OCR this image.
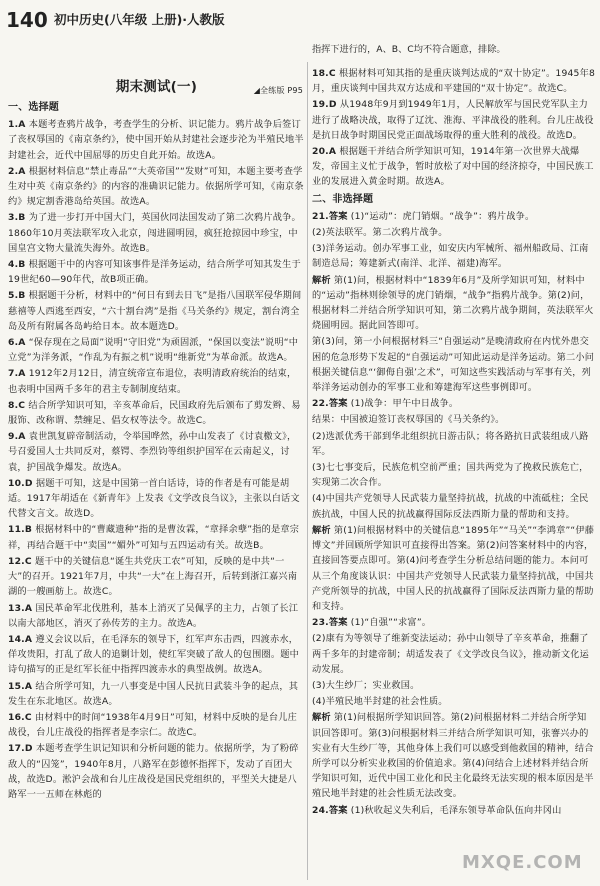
140 初中历史(八年级 上册)·人教版
期末测试(一)	◢全练版 P95
一、选择题
1.A 本题考查鸦片战争，考查学生的分析、识记能力。鸦片战争后签订了丧权辱国的《南京条约》，使中国开始从封建社会逐步沦为半殖民地半封建社会，近代中国屈辱的历史自此开始。故选A。
2.A 根据材料信息“禁止毒品”“大英帝国”“发财”可知，本题主要考查学生对中英《南京条约》的内容的准确识记能力。依据所学可知，《南京条约》规定割香港岛给英国。故选A。
3.B 为了进一步打开中国大门，英国伙同法国发动了第二次鸦片战争。1860年10月英法联军攻入北京，闯进圆明园，疯狂抢掠园中珍宝，中国皇宫文物大量流失海外。故选B。
4.B 根据题干中的内容可知该事件是洋务运动，结合所学可知其发生于19世纪60—90年代，故B项正确。
5.B 根据题干分析，材料中的“何日有到去日飞”是指八国联军侵华期间慈禧等人西逃至西安，“六十割台湾”是指《马关条约》规定，割台湾全岛及所有附属各岛屿给日本。故本题选D。
6.A “保存现在之局面”说明“守旧党”为顽固派，“保国以变法”说明“中立党”为洋务派，“作乱为有振之机”说明“维新党”为革命派。故选A。
7.A 1912年2月12日，清宣统帝宣布退位，表明清政府统治的结束，也表明中国两千多年的君主专制制度结束。
8.C 结合所学知识可知，辛亥革命后，民国政府先后颁布了剪发辫、易服饰、改称谓、禁缠足、倡女权等法令。故选C。
9.A 袁世凯复辟帝制活动，令举国哗然，孙中山发表了《讨袁檄文》，号召爱国人士共同反对，蔡锷、李烈钧等组织护国军在云南起义，讨袁，护国战争爆发。故选A。
10.D 据题干可知，这是中国第一首白话诗，诗的作者是有可能是胡适。1917年胡适在《新青年》上发表《文学改良刍议》，主张以白话文代替文言文。故选D。
11.B 根据材料中的“曹藏遗种”指的是曹汝霖，“章择余孽”指的是章宗祥，再结合题干中“卖国”“媚外”可知与五四运动有关。故选B。
12.C 题干中的关键信息“诞生共党庆工农”可知，反映的是中共“一大”的召开。1921年7月，中共“一大”在上海召开，后转到浙江嘉兴南湖的一艘画舫上。故选C。
13.A 国民革命军北伐胜利，基本上消灭了吴佩孚的主力，占领了长江以南大部地区，消灭了孙传芳的主力。故选A。
14.A 遵义会议以后，在毛泽东的领导下，红军声东击西，四渡赤水，佯攻贵阳，打乱了敌人的追剿计划，使红军突破了敌人的包围圈。题中诗句描写的正是红军长征中指挥四渡赤水的典型战例。故选A。
15.A 结合所学可知，九一八事变是中国人民抗日武装斗争的起点，其发生在东北地区。故选A。
16.C 由材料中的时间“1938年4月9日”可知，材料中反映的是台儿庄战役，台儿庄战役的指挥者是李宗仁。故选C。
17.D 本题考查学生识记知识和分析问题的能力。依据所学，为了粉碎敌人的“囚笼”，1940年8月，八路军在彭德怀指挥下，发动了百团大战，故选D。淞沪会战和台儿庄战役是国民党组织的，平型关大捷是八路军一一五师在林彪的
指挥下进行的，A、B、C均不符合题意，排除。
18.C 根据材料可知其指的是重庆谈判达成的“双十协定”。1945年8月，重庆谈判中国共双方达成和平建国的“双十协定”。故选C。
19.D 从1948年9月到1949年1月，人民解放军与国民党军队主力进行了战略决战，取得了辽沈、淮海、平津战役的胜利。台儿庄战役是抗日战争时期国民党正面战场取得的重大胜利的战役。故选D。
20.A 根据题干并结合所学知识可知，1914年第一次世界大战爆发，帝国主义忙于战争，暂时放松了对中国的经济掠夺，中国民族工业的发展进入黄金时期。故选A。
二、非选择题
21.答案 (1)“运动”：虎门销烟。“战争”：鸦片战争。
(2)英法联军。第二次鸦片战争。
(3)洋务运动。创办军事工业，如安庆内军械所、福州船政局、江南制造总局；筹建新式(南洋、北洋、福建)海军。
解析 第(1)问，根据材料中“1839年6月”及所学知识可知，材料中的“运动”指林则徐领导的虎门销烟，“战争”指鸦片战争。第(2)问，根据材料二并结合所学知识可知，第二次鸦片战争期间，英法联军火烧圆明园。据此回答即可。
第(3)问，第一小问根据材料三“自强运动”是晚清政府在内忧外患交困的危急形势下发起的“自强运动”可知此运动是洋务运动。第二小问根据关键信息“‘御侮自强’之术”，可知这些实践活动与军事有关，列举洋务运动创办的军事工业和筹建海军这些事例即可。
22.答案 (1)战争：甲午中日战争。
结果：中国被迫签订丧权辱国的《马关条约》。
(2)选派优秀干部到华北组织抗日游击队；将各路抗日武装组成八路军。
(3)七七事变后，民族危机空前严重；国共两党为了挽救民族危亡，实现第二次合作。
(4)中国共产党领导人民武装力量坚持抗战，抗战的中流砥柱；全民族抗战，中国人民的抗战赢得国际反法西斯力量的帮助和支持。
解析 第(1)问根据材料中的关键信息“1895年”“马关”“李鸿章”“伊藤博文”并回顾所学知识可直接得出答案。第(2)问答案材料中的内容，直接回答要点即可。第(4)问考查学生分析总结问题的能力。本问可从三个角度谈认识：中国共产党领导人民武装力量坚持抗战，中国共产党所领导的抗战，中国人民的抗战赢得了国际反法西斯力量的帮助和支持。
23.答案 (1)“自强”“求富”。
(2)康有为等领导了维新变法运动；孙中山领导了辛亥革命，推翻了两千多年的封建帝制；胡适发表了《文学改良刍议》，推动新文化运动发展。
(3)大生纱厂；实业救国。
(4)半殖民地半封建的社会性质。
解析 第(1)问根据所学知识回答。第(2)问根据材料二并结合所学知识回答即可。第(3)问根据材料三并结合所学知识可知，张謇兴办的实业有大生纱厂等，其他身体上我们可以感受到他救国的精神，结合所学可以分析实业救国的价值追求。第(4)问结合上述材料并结合所学知识可知，近代中国工业化和民主化最终无法实现的根本原因是半殖民地半封建的社会性质无法改变。
24.答案 (1)秋收起义失利后，毛泽东领导革命队伍向井冈山
MXQE.COM
